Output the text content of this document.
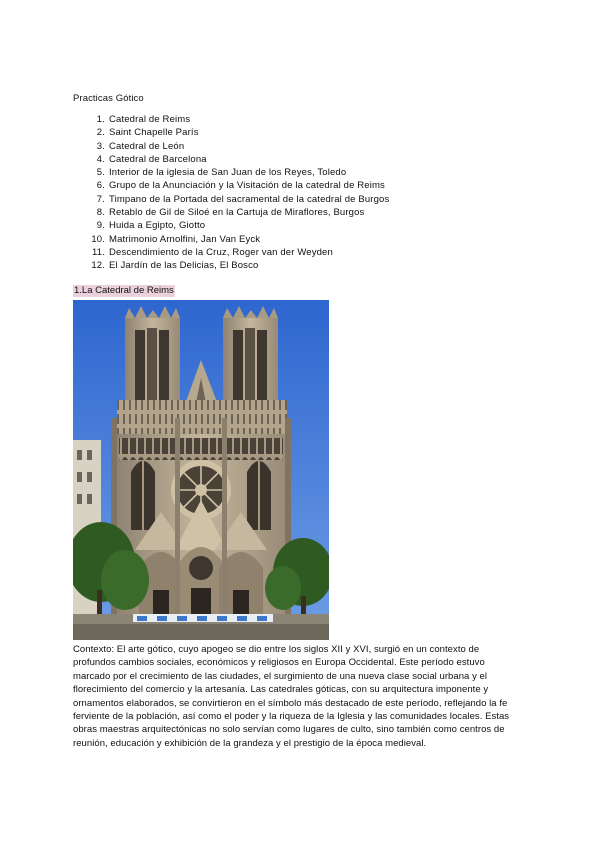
Practicas Gótico
1. Catedral de Reims
2. Saint Chapelle París
3. Catedral de León
4. Catedral de Barcelona
5. Interior de la iglesia de San Juan de los Reyes, Toledo
6. Grupo de la Anunciación y la Visitación de la catedral de Reims
7. Timpano de la Portada del sacramental de la catedral de Burgos
8. Retablo de Gil de Siloé en la Cartuja de Miraflores, Burgos
9. Huida a Egipto, Giotto
10. Matrimonio Arnolfini, Jan Van Eyck
11. Descendimiento de la Cruz, Roger van der Weyden
12. El Jardín de las Delicias, El Bosco
1.La Catedral de Reims

Contexto: El arte gótico, cuyo apogeo se dio entre los siglos XII y XVI, surgió en un contexto de profundos cambios sociales, económicos y religiosos en Europa Occidental. Este período estuvo marcado por el crecimiento de las ciudades, el surgimiento de una nueva clase social urbana y el florecimiento del comercio y la artesanía. Las catedrales góticas, con su arquitectura imponente y ornamentos elaborados, se convirtieron en el símbolo más destacado de este período, reflejando la fe ferviente de la población, así como el poder y la riqueza de la Iglesia y las comunidades locales. Estas obras maestras arquitectónicas no solo servían como lugares de culto, sino también como centros de reunión, educación y exhibición de la grandeza y el prestigio de la época medieval.
